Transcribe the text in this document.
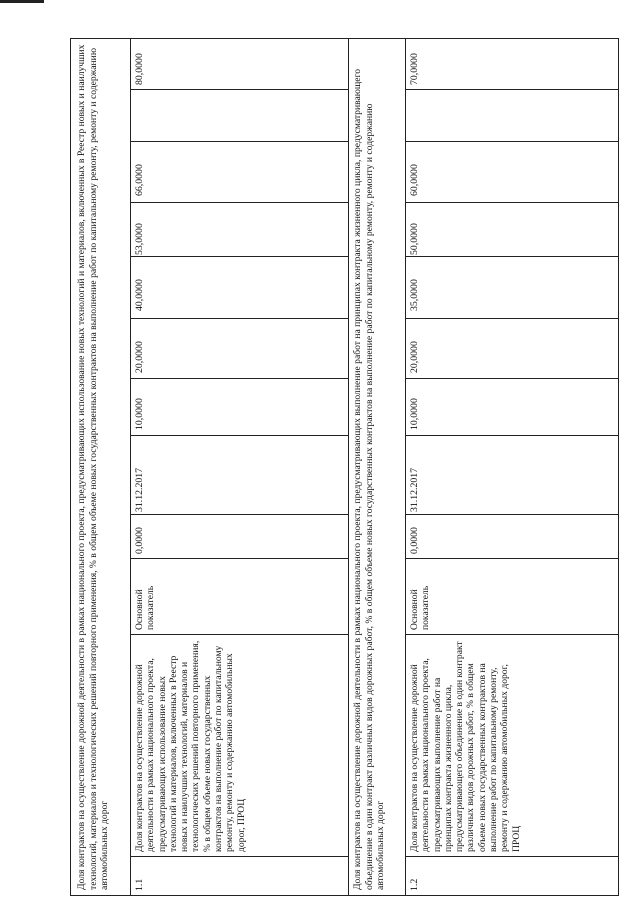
Доля контрактов на осуществление дорожной деятельности в рамках национального проекта, предусматривающих использование новых технологий и материалов, включенных в Реестр новых и наилучших технологий, материалов и технологических решений повторного применения, % в общем объеме новых государственных контрактов на выполнение работ по капитальному ремонту, ремонту и содержанию автомобильных дорог 1.1
Доля контрактов на осуществление дорожной деятельности в рамках национального проекта, предусматривающих использование новых технологий и материалов, включенных в Реестр новых и наилучших технологий, материалов и технологических решений повторного применения, % в общем объеме новых государственных контрактов на выполнение работ по капитальному ремонту, ремонту и содержанию автомобильных дорог, ПРОЦ
Основной показатель
0,0000
31.12.2017
10,0000
20,0000
40,0000
53,0000
66,0000
80,0000	Доля контрактов на осуществление дорожной деятельности в рамках национального проекта, предусматривающих выполнение работ на принципах контракта жизненного цикла, предусматривающего объединение в один контракт различных видов дорожных работ, % в общем объеме новых государственных контрактов на выполнение работ по капитальному ремонту, ремонту и содержанию автомобильных дорог 1.2
Доля контрактов на осуществление дорожной деятельности в рамках национального проекта, предусматривающих выполнение работ на принципах контракта жизненного цикла, предусматривающего объединение в один контракт различных видов дорожных работ, % в общем объеме новых государственных контрактов на выполнение работ по капитальному ремонту, ремонту и содержанию автомобильных дорог, ПРОЦ
Основной показатель
0,0000
31.12.2017
10,0000
20,0000
35,0000
50,0000
60,0000
70,0000
